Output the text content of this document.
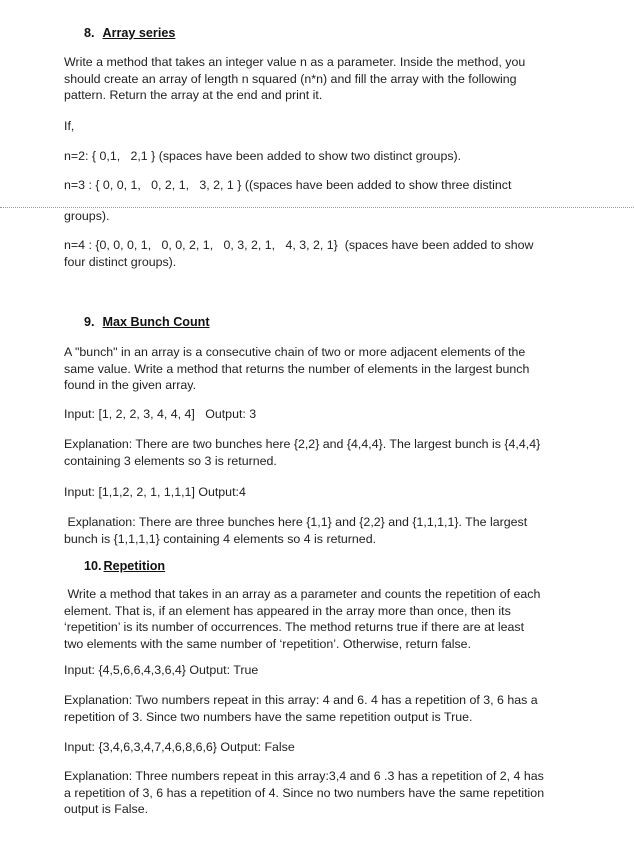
8. Array series
Write a method that takes an integer value n as a parameter. Inside the method, you
should create an array of length n squared (n*n) and fill the array with the following
pattern. Return the array at the end and print it.
If,
n=2: { 0,1,   2,1 } (spaces have been added to show two distinct groups).
n=3 : { 0, 0, 1,   0, 2, 1,   3, 2, 1 } ((spaces have been added to show three distinct
groups).
n=4 : {0, 0, 0, 1,   0, 0, 2, 1,   0, 3, 2, 1,   4, 3, 2, 1}  (spaces have been added to show
four distinct groups).
9. Max Bunch Count
A "bunch" in an array is a consecutive chain of two or more adjacent elements of the
same value. Write a method that returns the number of elements in the largest bunch
found in the given array.
Input: [1, 2, 2, 3, 4, 4, 4]   Output: 3
Explanation: There are two bunches here {2,2} and {4,4,4}. The largest bunch is {4,4,4}
containing 3 elements so 3 is returned.
Input: [1,1,2, 2, 1, 1,1,1] Output:4
Explanation: There are three bunches here {1,1} and {2,2} and {1,1,1,1}. The largest
bunch is {1,1,1,1} containing 4 elements so 4 is returned.
10. Repetition
Write a method that takes in an array as a parameter and counts the repetition of each
element. That is, if an element has appeared in the array more than once, then its
‘repetition’ is its number of occurrences. The method returns true if there are at least
two elements with the same number of ‘repetition’. Otherwise, return false.
Input: {4,5,6,6,4,3,6,4} Output: True
Explanation: Two numbers repeat in this array: 4 and 6. 4 has a repetition of 3, 6 has a
repetition of 3. Since two numbers have the same repetition output is True.
Input: {3,4,6,3,4,7,4,6,8,6,6} Output: False
Explanation: Three numbers repeat in this array:3,4 and 6 .3 has a repetition of 2, 4 has
a repetition of 3, 6 has a repetition of 4. Since no two numbers have the same repetition
output is False.
